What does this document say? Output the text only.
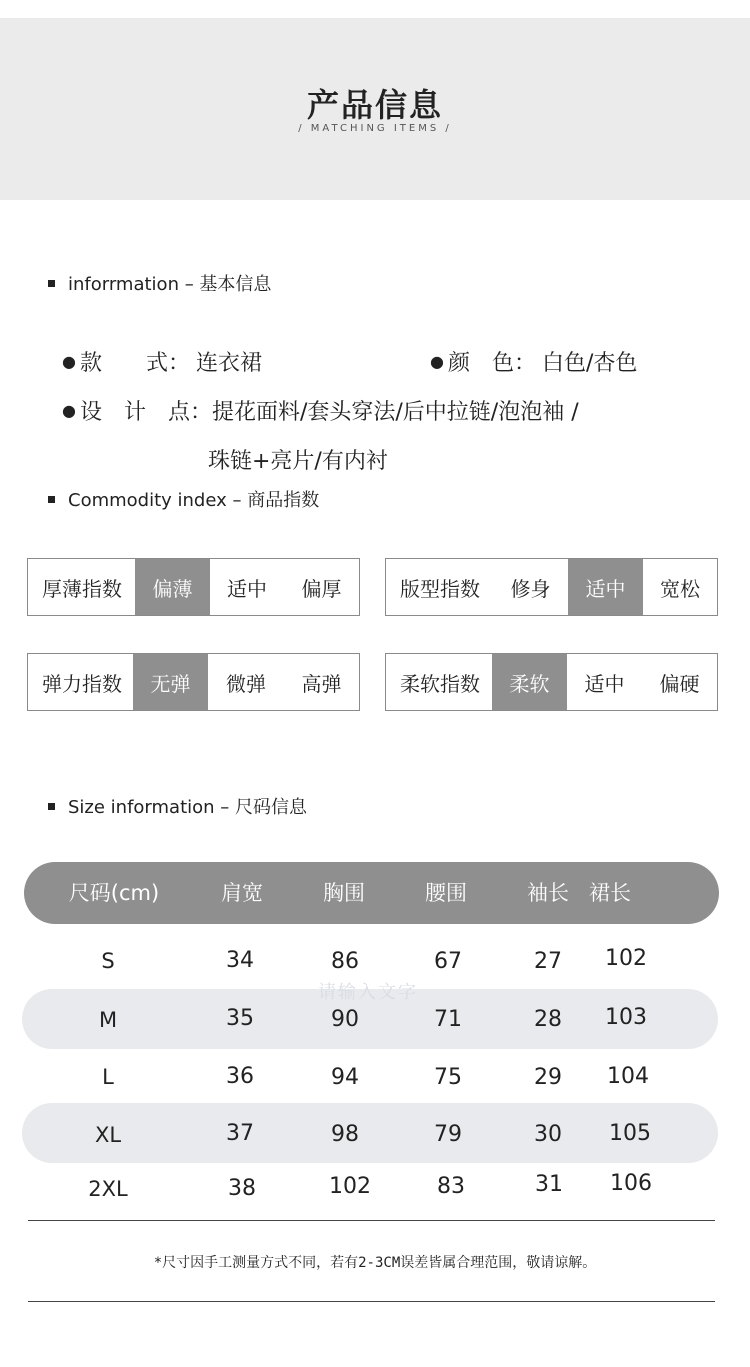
产品信息
/ MATCHING ITEMS /
inforrmation – 基本信息
● 款　　式： 连衣裙	● 颜　色： 白色/杏色
● 设　计　点：提花面料/套头穿法/后中拉链/泡泡袖 /
珠链+亮片/有内衬
Commodity index – 商品指数
厚薄指数	偏薄	适中	偏厚	版型指数	修身	适中	宽松
弹力指数	无弹	微弹	高弹	柔软指数	柔软	适中	偏硬
Size information – 尺码信息
尺码(cm)	肩宽	胸围	腰围	袖长 裙长
请输入文字
S	34	86	67	27	102
M	35	90	71	28	103
L	36	94	75	29	104
XL	37	98	79	30	105
2XL	38	102	83	31	106
*尺寸因手工测量方式不同，若有2-3CM误差皆属合理范围，敬请谅解。
